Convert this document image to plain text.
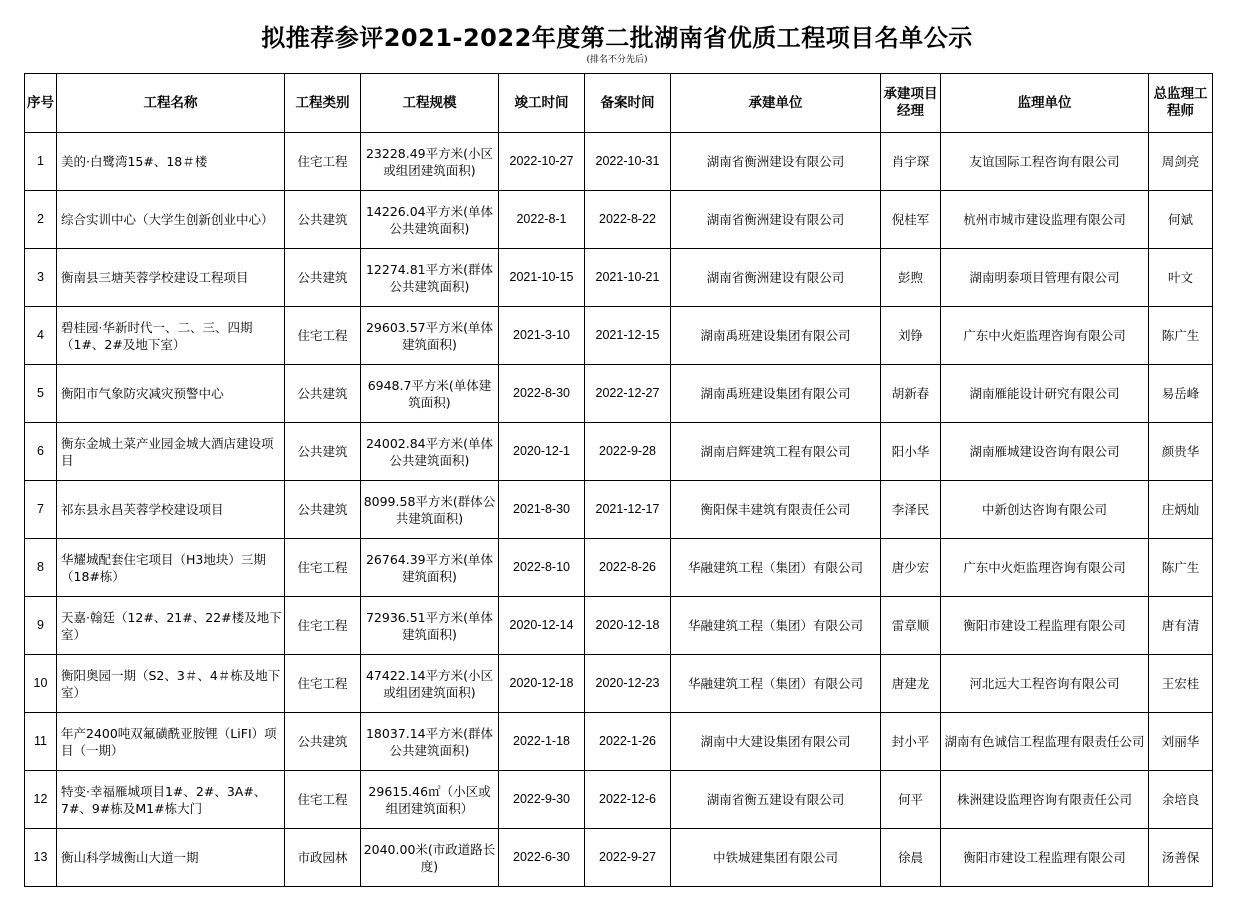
拟推荐参评2021-2022年度第二批湖南省优质工程项目名单公示
(排名不分先后)
序号	工程名称	工程类别	工程规模	竣工时间	备案时间	承建单位	承建项目经理	监理单位	总监理工程师
1	美的·白鹭湾15#、18＃楼	住宅工程	23228.49平方米(小区或组团建筑面积)	2022-10-27	2022-10-31	湖南省衡洲建设有限公司	肖宇琛	友谊国际工程咨询有限公司	周剑亮
2	综合实训中心（大学生创新创业中心）	公共建筑	14226.04平方米(单体公共建筑面积)	2022-8-1	2022-8-22	湖南省衡洲建设有限公司	倪桂军	杭州市城市建设监理有限公司	何斌
3	衡南县三塘芙蓉学校建设工程项目	公共建筑	12274.81平方米(群体公共建筑面积)	2021-10-15	2021-10-21	湖南省衡洲建设有限公司	彭煦	湖南明泰项目管理有限公司	叶文
4	碧桂园·华新时代一、二、三、四期（1#、2#及地下室）	住宅工程	29603.57平方米(单体建筑面积)	2021-3-10	2021-12-15	湖南禹班建设集团有限公司	刘铮	广东中火炬监理咨询有限公司	陈广生
5	衡阳市气象防灾减灾预警中心	公共建筑	6948.7平方米(单体建筑面积)	2022-8-30	2022-12-27	湖南禹班建设集团有限公司	胡新春	湖南雁能设计研究有限公司	易岳峰
6	衡东金城土菜产业园金城大酒店建设项目	公共建筑	24002.84平方米(单体公共建筑面积)	2020-12-1	2022-9-28	湖南启辉建筑工程有限公司	阳小华	湖南雁城建设咨询有限公司	颜贵华
7	祁东县永昌芙蓉学校建设项目	公共建筑	8099.58平方米(群体公共建筑面积)	2021-8-30	2021-12-17	衡阳保丰建筑有限责任公司	李泽民	中新创达咨询有限公司	庄炳灿
8	华耀城配套住宅项目（H3地块）三期（18#栋）	住宅工程	26764.39平方米(单体建筑面积)	2022-8-10	2022-8-26	华融建筑工程（集团）有限公司	唐少宏	广东中火炬监理咨询有限公司	陈广生
9	天嘉·翰廷（12#、21#、22#楼及地下室）	住宅工程	72936.51平方米(单体建筑面积)	2020-12-14	2020-12-18	华融建筑工程（集团）有限公司	雷章顺	衡阳市建设工程监理有限公司	唐有清
10	衡阳奥园一期（S2、3＃、4＃栋及地下室）	住宅工程	47422.14平方米(小区或组团建筑面积)	2020-12-18	2020-12-23	华融建筑工程（集团）有限公司	唐建龙	河北远大工程咨询有限公司	王宏桂
11	年产2400吨双氟磺酰亚胺锂（LiFI）项目（一期）	公共建筑	18037.14平方米(群体公共建筑面积)	2022-1-18	2022-1-26	湖南中大建设集团有限公司	封小平	湖南有色诚信工程监理有限责任公司	刘丽华
12	特变·幸福雁城项目1#、2#、3A#、7#、9#栋及M1#栋大门	住宅工程	29615.46㎡（小区或组团建筑面积）	2022-9-30	2022-12-6	湖南省衡五建设有限公司	何平	株洲建设监理咨询有限责任公司	余培良
13	衡山科学城衡山大道一期	市政园林	2040.00米(市政道路长度)	2022-6-30	2022-9-27	中铁城建集团有限公司	徐晨	衡阳市建设工程监理有限公司	汤善保
